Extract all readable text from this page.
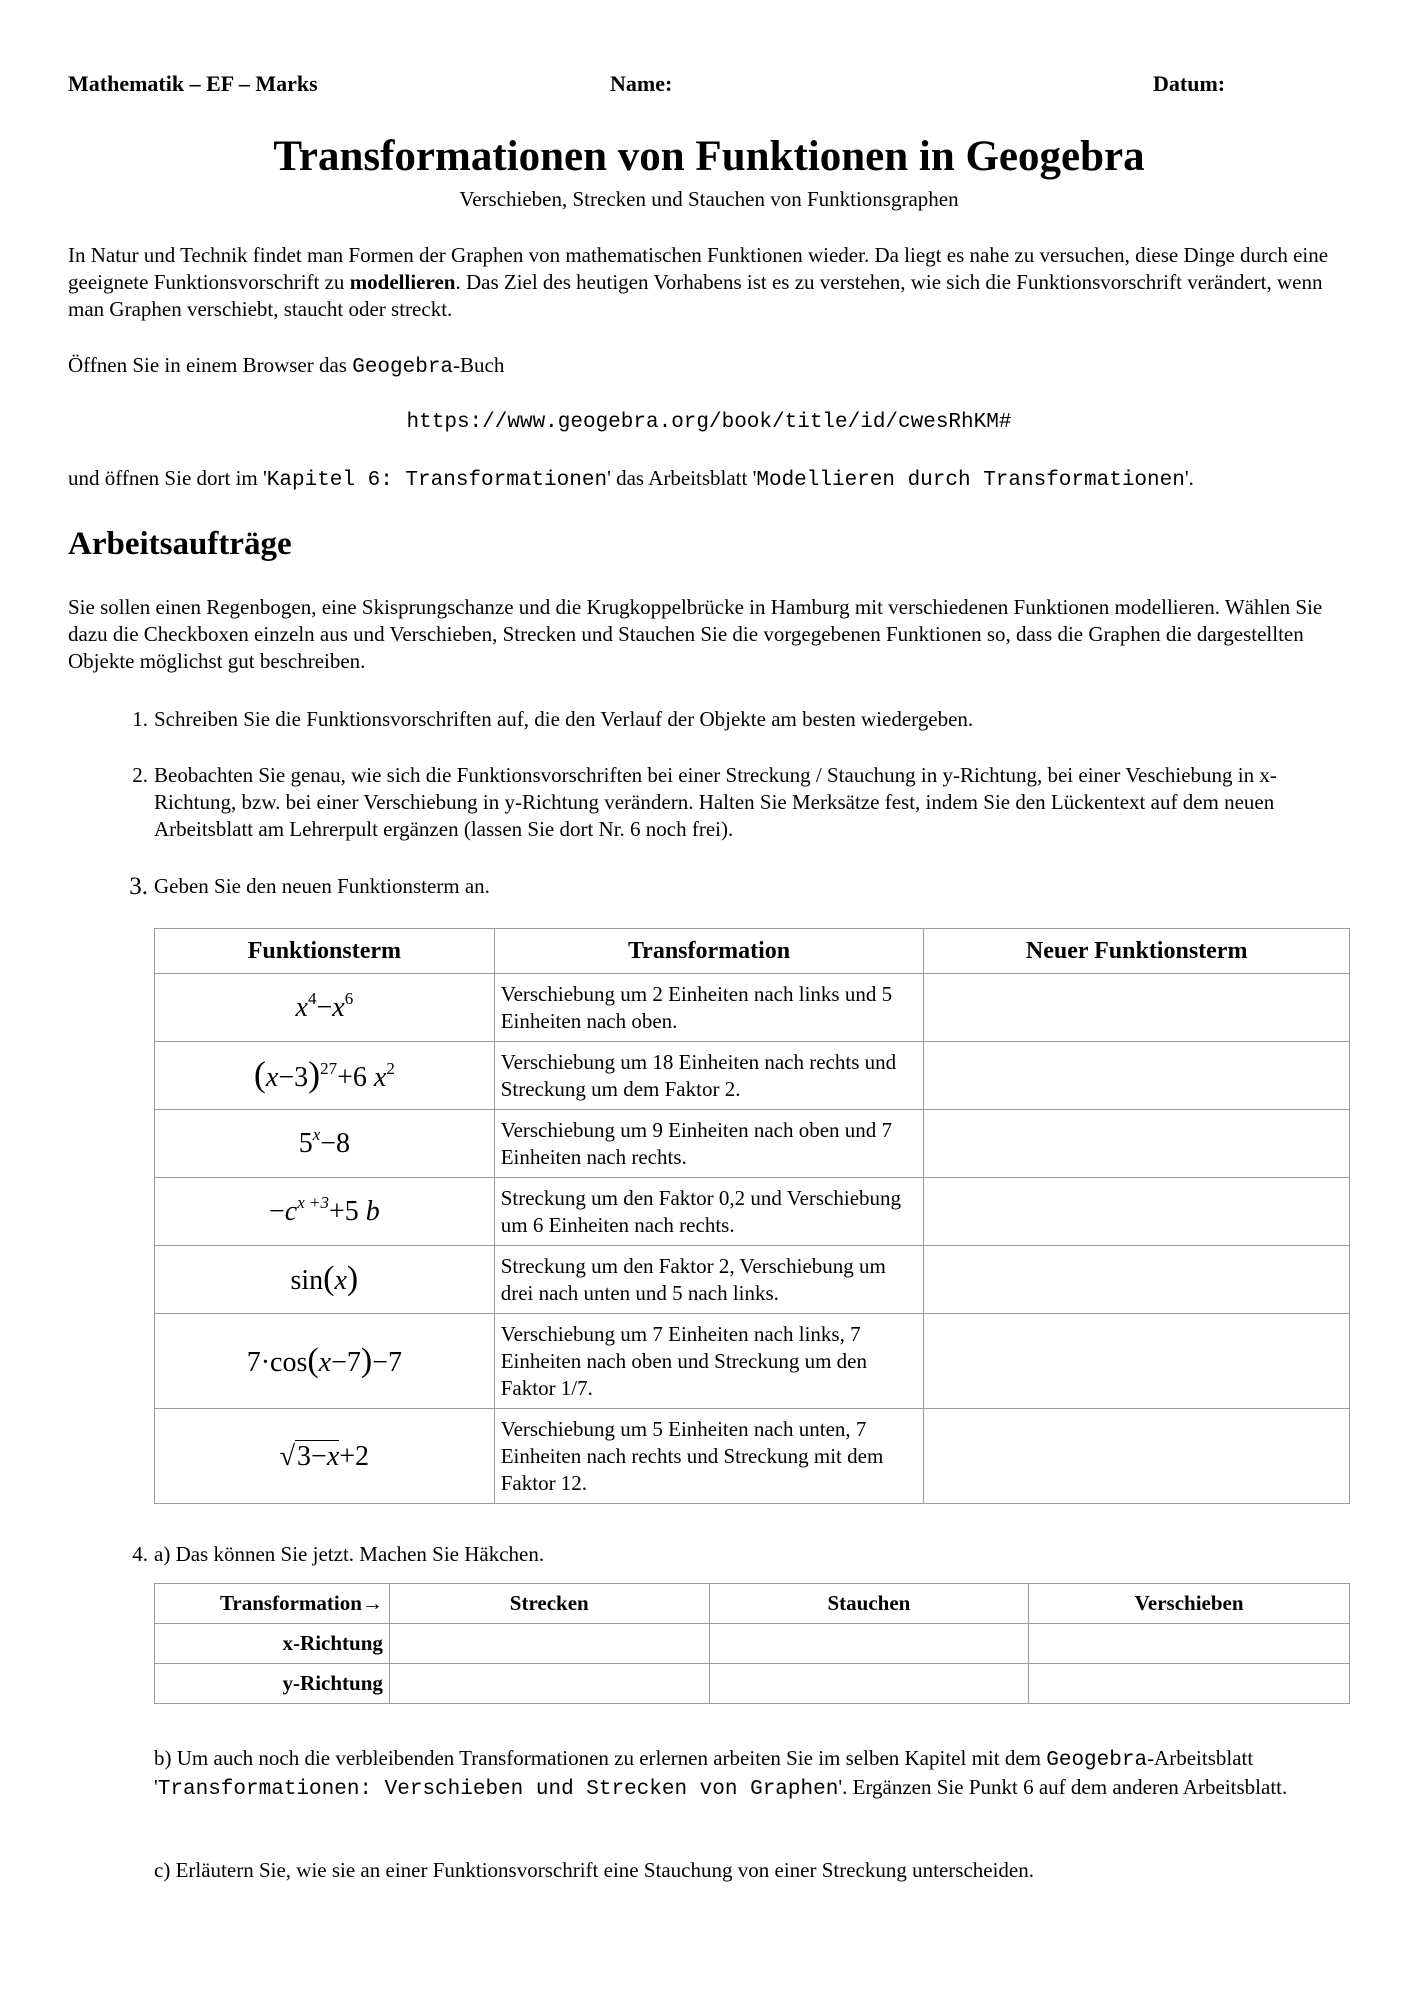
Mathematik – EF – Marks	Name:	Datum:
Transformationen von Funktionen in Geogebra
Verschieben, Strecken und Stauchen von Funktionsgraphen
In Natur und Technik findet man Formen der Graphen von mathematischen Funktionen wieder. Da liegt es nahe zu versuchen, diese Dinge durch eine geeignete Funktionsvorschrift zu modellieren. Das Ziel des heutigen Vorhabens ist es zu verstehen, wie sich die Funktionsvorschrift verändert, wenn man Graphen verschiebt, staucht oder streckt.
Öffnen Sie in einem Browser das Geogebra-Buch
https://www.geogebra.org/book/title/id/cwesRhKM#
und öffnen Sie dort im 'Kapitel 6: Transformationen' das Arbeitsblatt 'Modellieren durch Transformationen'.
Arbeitsaufträge
Sie sollen einen Regenbogen, eine Skisprungschanze und die Krugkoppelbrücke in Hamburg mit verschiedenen Funktionen modellieren. Wählen Sie dazu die Checkboxen einzeln aus und Verschieben, Strecken und Stauchen Sie die vorgegebenen Funktionen so, dass die Graphen die dargestellten Objekte möglichst gut beschreiben.
1. Schreiben Sie die Funktionsvorschriften auf, die den Verlauf der Objekte am besten wiedergeben.
2. Beobachten Sie genau, wie sich die Funktionsvorschriften bei einer Streckung / Stauchung in y-Richtung, bei einer Veschiebung in x-Richtung, bzw. bei einer Verschiebung in y-Richtung verändern. Halten Sie Merksätze fest, indem Sie den Lückentext auf dem neuen Arbeitsblatt am Lehrerpult ergänzen (lassen Sie dort Nr. 6 noch frei).
3. Geben Sie den neuen Funktionsterm an.
Funktionsterm	Transformation	Neuer Funktionsterm
$x^4-x^6$	Verschiebung um 2 Einheiten nach links und 5 Einheiten nach oben.	
$(x-3)^{27}+6$ $x^2$	Verschiebung um 18 Einheiten nach rechts und Streckung um dem Faktor 2.	
$5^x-8$	Verschiebung um 9 Einheiten nach oben und 7 Einheiten nach rechts.	
$-c^{x +3}+5$ b	Streckung um den Faktor 0,2 und Verschiebung um 6 Einheiten nach rechts.	
sin(x)	Streckung um den Faktor 2, Verschiebung um drei nach unten und 5 nach links.	
7·cos(x−7)−7	Verschiebung um 7 Einheiten nach links, 7 Einheiten nach oben und Streckung um den Faktor 1/7.	
√3−x+2	Verschiebung um 5 Einheiten nach unten, 7 Einheiten nach rechts und Streckung mit dem Faktor 12.	
4. a) Das können Sie jetzt. Machen Sie Häkchen.
Transformation→	Strecken	Stauchen	Verschieben
x-Richtung			
y-Richtung			
b) Um auch noch die verbleibenden Transformationen zu erlernen arbeiten Sie im selben Kapitel mit dem Geogebra-Arbeitsblatt 'Transformationen: Verschieben und Strecken von Graphen'. Ergänzen Sie Punkt 6 auf dem anderen Arbeitsblatt.
c) Erläutern Sie, wie sie an einer Funktionsvorschrift eine Stauchung von einer Streckung unterscheiden.
